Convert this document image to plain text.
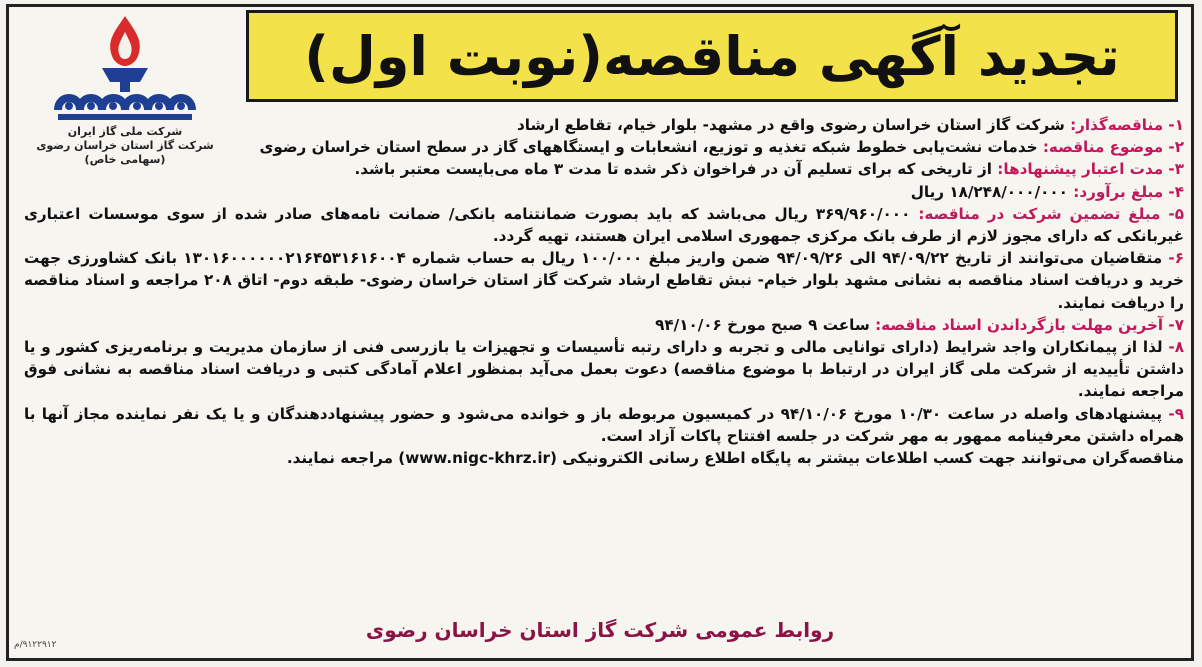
تجدید آگهی مناقصه(نوبت اول)
شرکت ملی گاز ایران
شرکت گاز استان خراسان رضوی
(سهامی خاص)

۱- مناقصه‌گذار: شرکت گاز استان خراسان رضوی واقع در مشهد- بلوار خیام، تقاطع ارشاد

۲- موضوع مناقصه: خدمات نشت‌یابی خطوط شبکه تغذیه و توزیع، انشعابات و ایستگاههای گاز در سطح استان خراسان رضوی

۳- مدت اعتبار پیشنهادها: از تاریخی که برای تسلیم آن در فراخوان ذکر شده تا مدت ۳ ماه می‌بایست معتبر باشد.

۴- مبلغ برآورد: ۱۸/۲۴۸/۰۰۰/۰۰۰ ریال

۵- مبلغ تضمین شرکت در مناقصه: ۳۶۹/۹۶۰/۰۰۰ ریال می‌باشد که باید بصورت ضمانتنامه بانکی/ ضمانت نامه‌های صادر شده از سوی موسسات اعتباری غیربانکی که دارای مجوز لازم از طرف بانک مرکزی جمهوری اسلامی ایران هستند، تهیه گردد.

۶- متقاضیان می‌توانند از تاریخ ۹۴/۰۹/۲۲ الی ۹۴/۰۹/۲۶ ضمن واریز مبلغ ۱۰۰/۰۰۰ ریال به حساب شماره ۱۳۰۱۶۰۰۰۰۰۰۲۱۶۴۵۳۱۶۱۶۰۰۴ بانک کشاورزی جهت خرید و دریافت اسناد مناقصه به نشانی مشهد بلوار خیام- نبش تقاطع ارشاد شرکت گاز استان خراسان رضوی- طبقه دوم- اتاق ۲۰۸ مراجعه و اسناد مناقصه را دریافت نمایند.

۷- آخرین مهلت بازگرداندن اسناد مناقصه: ساعت ۹ صبح مورخ ۹۴/۱۰/۰۶

۸- لذا از پیمانکاران واجد شرایط (دارای توانایی مالی و تجربه و دارای رتبه تأسیسات و تجهیزات یا بازرسی فنی از سازمان مدیریت و برنامه‌ریزی کشور و یا داشتن تأییدیه از شرکت ملی گاز ایران در ارتباط با موضوع مناقصه) دعوت بعمل می‌آید بمنظور اعلام آمادگی کتبی و دریافت اسناد مناقصه به نشانی فوق مراجعه نمایند.

۹- پیشنهادهای واصله در ساعت ۱۰/۳۰ مورخ ۹۴/۱۰/۰۶ در کمیسیون مربوطه باز و خوانده می‌شود و حضور پیشنهاددهندگان و یا یک نفر نماینده مجاز آنها با همراه داشتن معرفینامه ممهور به مهر شرکت در جلسه افتتاح پاکات آزاد است.

مناقصه‌گران می‌توانند جهت کسب اطلاعات بیشتر به پایگاه اطلاع رسانی الکترونیکی (www.nigc-khrz.ir) مراجعه نمایند.

روابط عمومی شرکت گاز استان خراسان رضوی
۹۱۲۲۹۱۲/م
